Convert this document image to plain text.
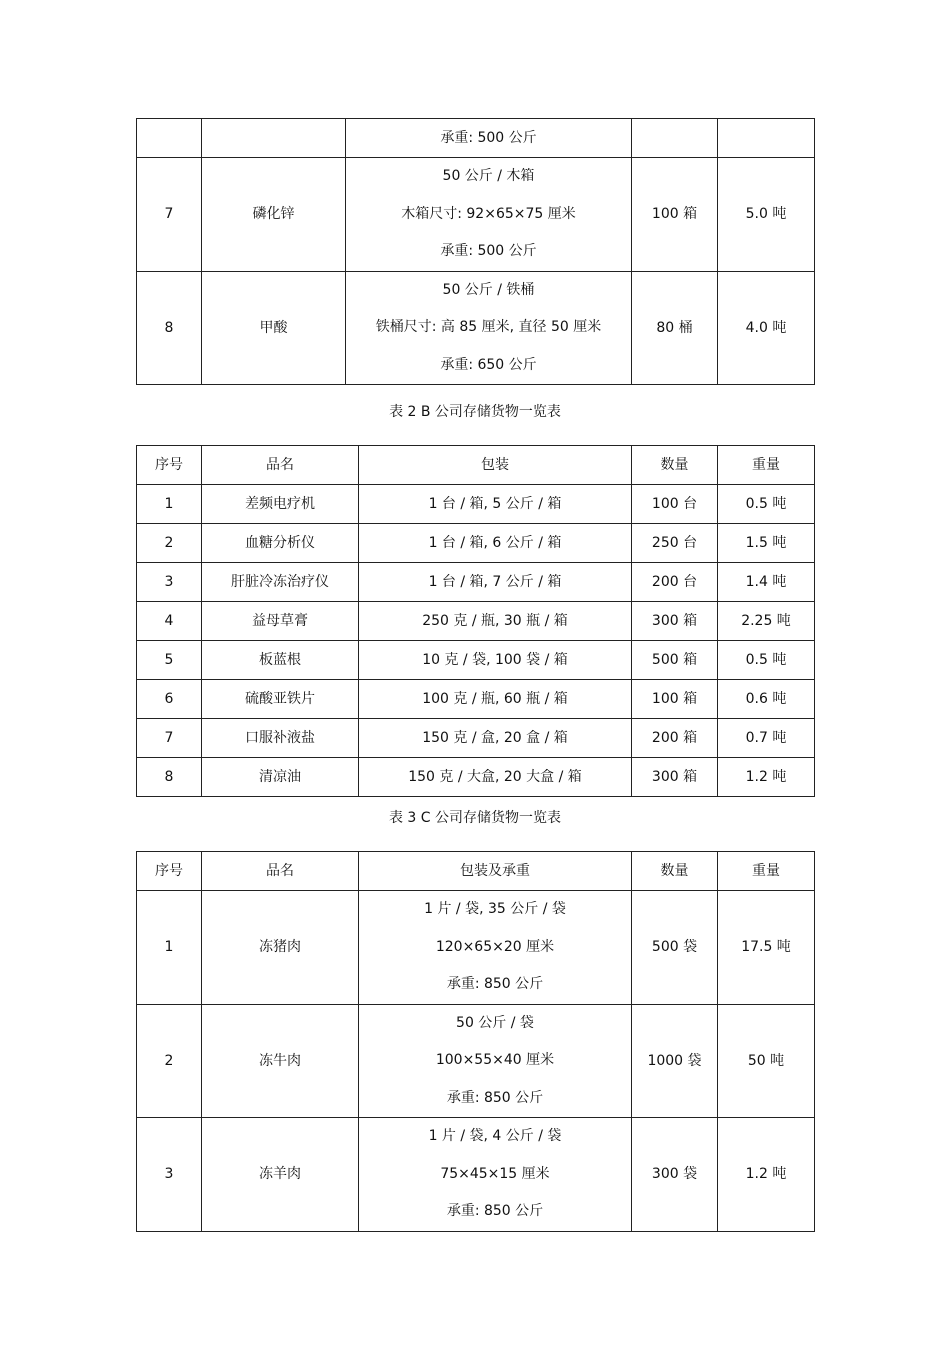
		承重: 500 公斤		
7	磷化锌	50 公斤 / 木箱
木箱尺寸: 92×65×75 厘米
承重: 500 公斤	100 箱	5.0 吨
8	甲酸	50 公斤 / 铁桶
铁桶尺寸: 高 85 厘米, 直径 50 厘米
承重: 650 公斤	80 桶	4.0 吨
表 2 B 公司存储货物一览表
序号	品名	包装	数量	重量
1	差频电疗机	1 台 / 箱, 5 公斤 / 箱	100 台	0.5 吨
2	血糖分析仪	1 台 / 箱, 6 公斤 / 箱	250 台	1.5 吨
3	肝脏冷冻治疗仪	1 台 / 箱, 7 公斤 / 箱	200 台	1.4 吨
4	益母草膏	250 克 / 瓶, 30 瓶 / 箱	300 箱	2.25 吨
5	板蓝根	10 克 / 袋, 100 袋 / 箱	500 箱	0.5 吨
6	硫酸亚铁片	100 克 / 瓶, 60 瓶 / 箱	100 箱	0.6 吨
7	口服补液盐	150 克 / 盒, 20 盒 / 箱	200 箱	0.7 吨
8	清凉油	150 克 / 大盒, 20 大盒 / 箱	300 箱	1.2 吨
表 3 C 公司存储货物一览表
序号	品名	包装及承重	数量	重量
1	冻猪肉	1 片 / 袋, 35 公斤 / 袋
120×65×20 厘米
承重: 850 公斤	500 袋	17.5 吨
2	冻牛肉	50 公斤 / 袋
100×55×40 厘米
承重: 850 公斤	1000 袋	50 吨
3	冻羊肉	1 片 / 袋, 4 公斤 / 袋
75×45×15 厘米
承重: 850 公斤	300 袋	1.2 吨
